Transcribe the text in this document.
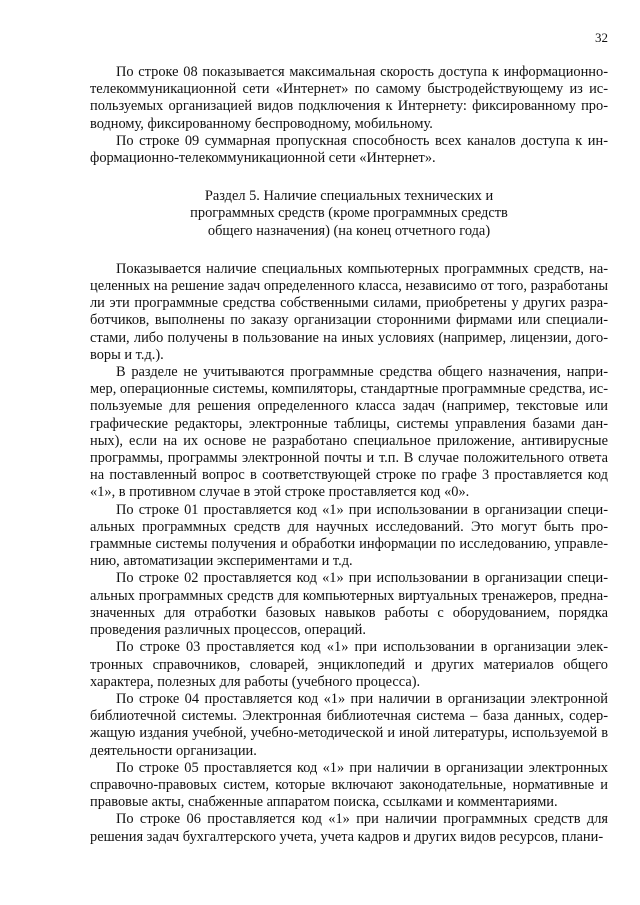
32

По строке 08 показывается максимальная скорость доступа к информационно-телекоммуникационной сети «Интернет» по самому быстродействующему из используемых организацией видов подключения к Интернету: фиксированному проводному, фиксированному беспроводному, мобильному.

По строке 09 суммарная пропускная способность всех каналов доступа к информационно-телекоммуникационной сети «Интернет».

Раздел 5. Наличие специальных технических и
программных средств (кроме программных средств
общего назначения) (на конец отчетного года)

Показывается наличие специальных компьютерных программных средств, нацеленных на решение задач определенного класса, независимо от того, разработаны ли эти программные средства собственными силами, приобретены у других разработчиков, выполнены по заказу организации сторонними фирмами или специалистами, либо получены в пользование на иных условиях (например, лицензии, договоры и т.д.).

В разделе не учитываются программные средства общего назначения, например, операционные системы, компиляторы, стандартные программные средства, используемые для решения определенного класса задач (например, текстовые или графические редакторы, электронные таблицы, системы управления базами данных), если на их основе не разработано специальное приложение, антивирусные программы, программы электронной почты и т.п. В случае положительного ответа на поставленный вопрос в соответствующей строке по графе 3 проставляется код «1», в противном случае в этой строке проставляется код «0».

По строке 01 проставляется код «1» при использовании в организации специальных программных средств для научных исследований. Это могут быть программные системы получения и обработки информации по исследованию, управлению, автоматизации экспериментами и т.д.

По строке 02 проставляется код «1» при использовании в организации специальных программных средств для компьютерных виртуальных тренажеров, предназначенных для отработки базовых навыков работы с оборудованием, порядка проведения различных процессов, операций.

По строке 03 проставляется код «1» при использовании в организации электронных справочников, словарей, энциклопедий и других материалов общего характера, полезных для работы (учебного процесса).

По строке 04 проставляется код «1» при наличии в организации электронной библиотечной системы. Электронная библиотечная система – база данных, содержащую издания учебной, учебно-методической и иной литературы, используемой в деятельности организации.

По строке 05 проставляется код «1» при наличии в организации электронных справочно-правовых систем, которые включают законодательные, нормативные и правовые акты, снабженные аппаратом поиска, ссылками и комментариями.

По строке 06 проставляется код «1» при наличии программных средств для решения задач бухгалтерского учета, учета кадров и других видов ресурсов, плани-
